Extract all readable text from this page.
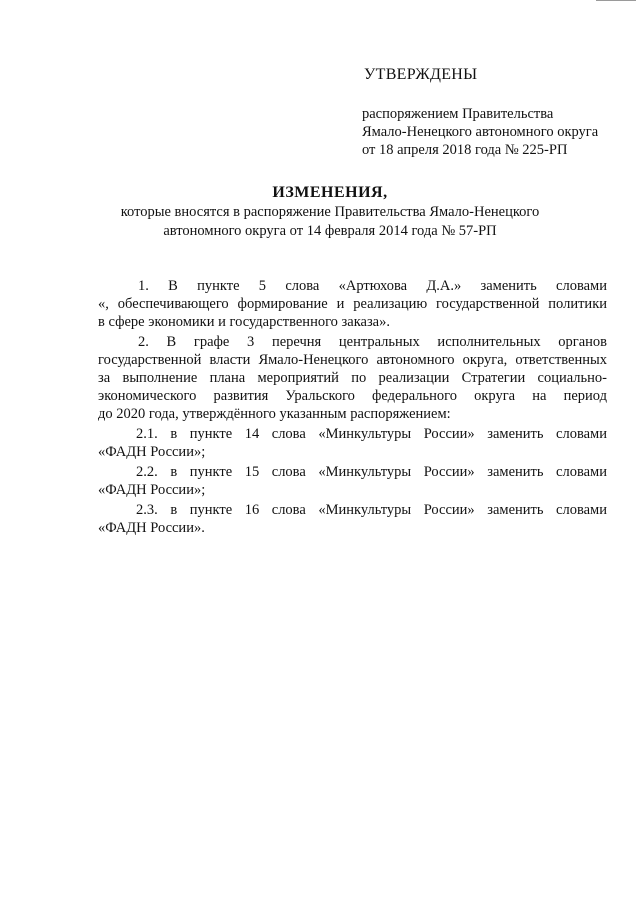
УТВЕРЖДЕНЫ
распоряжением Правительства
Ямало-Ненецкого автономного округа
от 18 апреля 2018 года № 225-РП
ИЗМЕНЕНИЯ,
которые вносятся в распоряжение Правительства Ямало-Ненецкого
автономного округа от 14 февраля 2014 года № 57-РП
1. В пункте 5 слова «Артюхова Д.А.» заменить словами
«, обеспечивающего формирование и реализацию государственной политики
в сфере экономики и государственного заказа».
2. В графе 3 перечня центральных исполнительных органов
государственной власти Ямало-Ненецкого автономного округа, ответственных
за выполнение плана мероприятий по реализации Стратегии социально-
экономического развития Уральского федерального округа на период
до 2020 года, утверждённого указанным распоряжением:
2.1. в пункте 14 слова «Минкультуры России» заменить словами
«ФАДН России»;
2.2. в пункте 15 слова «Минкультуры России» заменить словами
«ФАДН России»;
2.3. в пункте 16 слова «Минкультуры России» заменить словами
«ФАДН России».
